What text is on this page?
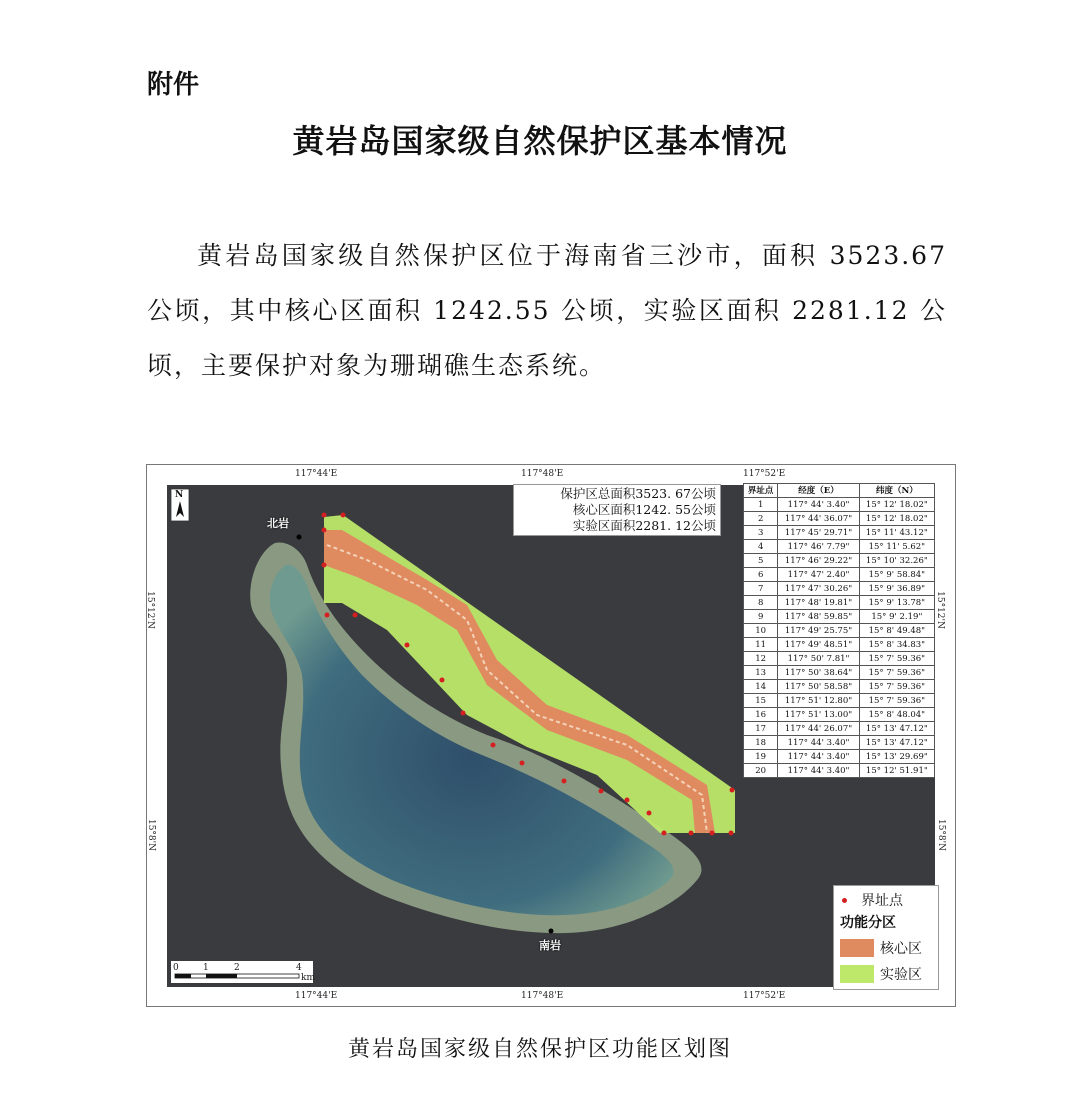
附件
黄岩岛国家级自然保护区基本情况
黄岩岛国家级自然保护区位于海南省三沙市，面积 3523.67 公顷，其中核心区面积 1242.55 公顷，实验区面积 2281.12 公顷，主要保护对象为珊瑚礁生态系统。
北岩
南岩
N
0	1	2	4
km
117°44'E	117°48'E	117°52'E
117°44'E	117°48'E	117°52'E
15°12'N
15°8'N
15°12'N
15°8'N
保护区总面积3523. 67公顷
核心区面积1242. 55公顷
实验区面积2281. 12公顷
界址点	经度（E）	纬度（N）
1	117° 44' 3.40"	15° 12' 18.02"
2	117° 44' 36.07"	15° 12' 18.02"
3	117° 45' 29.71"	15° 11' 43.12"
4	117° 46' 7.79"	15° 11' 5.62"
5	117° 46' 29.22"	15° 10' 32.26"
6	117° 47' 2.40"	15° 9' 58.84"
7	117° 47' 30.26"	15° 9' 36.89"
8	117° 48' 19.81"	15° 9' 13.78"
9	117° 48' 59.85"	15° 9' 2.19"
10	117° 49' 25.75"	15° 8' 49.48"
11	117° 49' 48.51"	15° 8' 34.83"
12	117° 50' 7.81"	15° 7' 59.36"
13	117° 50' 38.64"	15° 7' 59.36"
14	117° 50' 58.58"	15° 7' 59.36"
15	117° 51' 12.80"	15° 7' 59.36"
16	117° 51' 13.00"	15° 8' 48.04"
17	117° 44' 26.07"	15° 13' 47.12"
18	117° 44' 3.40"	15° 13' 47.12"
19	117° 44' 3.40"	15° 13' 29.69"
20	117° 44' 3.40"	15° 12' 51.91"
界址点
功能分区
核心区
实验区
黄岩岛国家级自然保护区功能区划图
